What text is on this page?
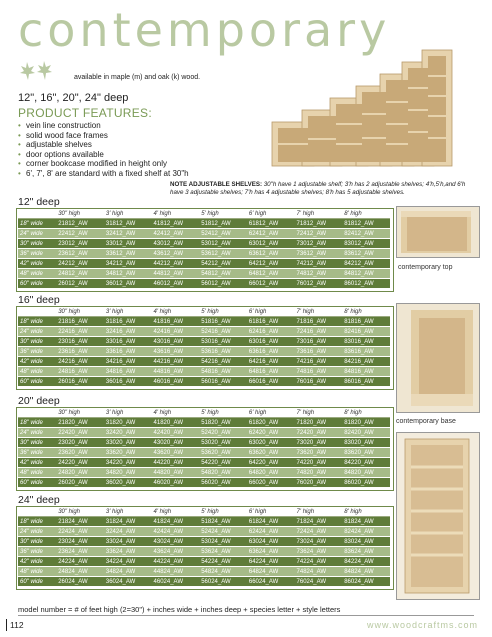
contemporary
available in maple (m) and oak (k) wood.
12", 16", 20", 24" deep
PRODUCT FEATURES:
• vein line construction
• solid wood face frames
• adjustable shelves
• door options available
• corner bookcase modified in height only
• 6', 7', 8' are standard with a fixed shelf at 30"h
NOTE ADJUSTABLE SHELVES: 30"h have 1 adjustable shelf; 3'h has 2 adjustable shelves; 4'h,5'h,and 6'h have 3 adjustable shelves; 7'h has 4 adjustable shelves; 8'h has 5 adjustable shelves.
12" deep
16" deep
20" deep
24" deep
	30" high	3' high	4' high	5' high	6' high	7' high	8' high
18" wide	21812_AW	31812_AW	41812_AW	51812_AW	61812_AW	71812_AW	81812_AW
24" wide	22412_AW	32412_AW	42412_AW	52412_AW	62412_AW	72412_AW	82412_AW
30" wide	23012_AW	33012_AW	43012_AW	53012_AW	63012_AW	73012_AW	83012_AW
36" wide	23612_AW	33612_AW	43612_AW	53612_AW	63612_AW	73612_AW	83612_AW
42" wide	24212_AW	34212_AW	44212_AW	54212_AW	64212_AW	74212_AW	84212_AW
48" wide	24812_AW	34812_AW	44812_AW	54812_AW	64812_AW	74812_AW	84812_AW
60" wide	26012_AW	36012_AW	46012_AW	56012_AW	66012_AW	76012_AW	86012_AW
	30" high	3' high	4' high	5' high	6' high	7' high	8' high
18" wide	21816_AW	31816_AW	41816_AW	51816_AW	61816_AW	71816_AW	81816_AW
24" wide	22416_AW	32416_AW	42416_AW	52416_AW	62416_AW	72416_AW	82416_AW
30" wide	23016_AW	33016_AW	43016_AW	53016_AW	63016_AW	73016_AW	83016_AW
36" wide	23616_AW	33616_AW	43616_AW	53616_AW	63616_AW	73616_AW	83616_AW
42" wide	24216_AW	34216_AW	44216_AW	54216_AW	64216_AW	74216_AW	84216_AW
48" wide	24816_AW	34816_AW	44816_AW	54816_AW	64816_AW	74816_AW	84816_AW
60" wide	26016_AW	36016_AW	46016_AW	56016_AW	66016_AW	76016_AW	86016_AW
	30" high	3' high	4' high	5' high	6' high	7' high	8' high
18" wide	21820_AW	31820_AW	41820_AW	51820_AW	61820_AW	71820_AW	81820_AW
24" wide	22420_AW	32420_AW	42420_AW	52420_AW	62420_AW	72420_AW	82420_AW
30" wide	23020_AW	33020_AW	43020_AW	53020_AW	63020_AW	73020_AW	83020_AW
36" wide	23620_AW	33620_AW	43620_AW	53620_AW	63620_AW	73620_AW	83620_AW
42" wide	24220_AW	34220_AW	44220_AW	54220_AW	64220_AW	74220_AW	84220_AW
48" wide	24820_AW	34820_AW	44820_AW	54820_AW	64820_AW	74820_AW	84820_AW
60" wide	26020_AW	36020_AW	46020_AW	56020_AW	66020_AW	76020_AW	86020_AW
	30" high	3' high	4' high	5' high	6' high	7' high	8' high
18" wide	21824_AW	31824_AW	41824_AW	51824_AW	61824_AW	71824_AW	81824_AW
24" wide	22424_AW	32424_AW	42424_AW	52424_AW	62424_AW	72424_AW	82424_AW
30" wide	23024_AW	33024_AW	43024_AW	53024_AW	63024_AW	73024_AW	83024_AW
36" wide	23624_AW	33624_AW	43624_AW	53624_AW	63624_AW	73624_AW	83624_AW
42" wide	24224_AW	34224_AW	44224_AW	54224_AW	64224_AW	74224_AW	84224_AW
48" wide	24824_AW	34824_AW	44824_AW	54824_AW	64824_AW	74824_AW	84824_AW
60" wide	26024_AW	36024_AW	46024_AW	56024_AW	66024_AW	76024_AW	86024_AW
contemporary top
contemporary base
model number = # of feet high (2=30") + inches wide + inches deep + species letter + style letters
112	www.woodcraftms.com
